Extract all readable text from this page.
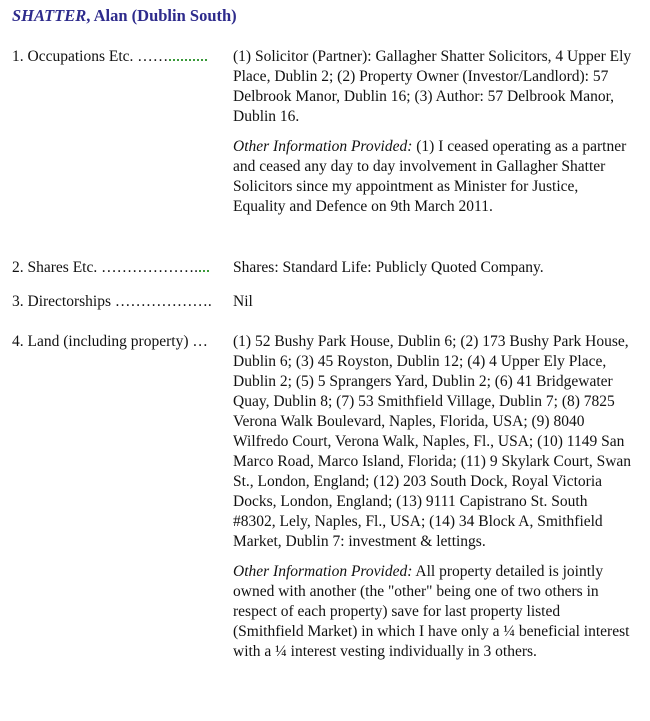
SHATTER, Alan (Dublin South)
1. Occupations Etc. ……	(1) Solicitor (Partner): Gallagher Shatter Solicitors, 4 Upper Ely Place, Dublin 2; (2) Property Owner (Investor/Landlord): 57 Delbrook Manor, Dublin 16; (3) Author: 57 Delbrook Manor, Dublin 16.

Other Information Provided: (1) I ceased operating as a partner and ceased any day to day involvement in Gallagher Shatter Solicitors since my appointment as Minister for Justice, Equality and Defence on 9th March 2011.

2. Shares Etc. ……………….	Shares: Standard Life: Publicly Quoted Company.

3. Directorships ………………. Nil

4. Land (including property) … (1) 52 Bushy Park House, Dublin 6; (2) 173 Bushy Park House, Dublin 6; (3) 45 Royston, Dublin 12; (4) 4 Upper Ely Place, Dublin 2; (5) 5 Sprangers Yard, Dublin 2; (6) 41 Bridgewater Quay, Dublin 8; (7) 53 Smithfield Village, Dublin 7; (8) 7825 Verona Walk Boulevard, Naples, Florida, USA; (9) 8040 Wilfredo Court, Verona Walk, Naples, Fl., USA; (10) 1149 San Marco Road, Marco Island, Florida; (11) 9 Skylark Court, Swan St., London, England; (12) 203 South Dock, Royal Victoria Docks, London, England; (13) 9111 Capistrano St. South #8302, Lely, Naples, Fl., USA; (14) 34 Block A, Smithfield Market, Dublin 7: investment & lettings.

Other Information Provided: All property detailed is jointly owned with another (the "other" being one of two others in respect of each property) save for last property listed (Smithfield Market) in which I have only a ¼ beneficial interest with a ¼ interest vesting individually in 3 others.
